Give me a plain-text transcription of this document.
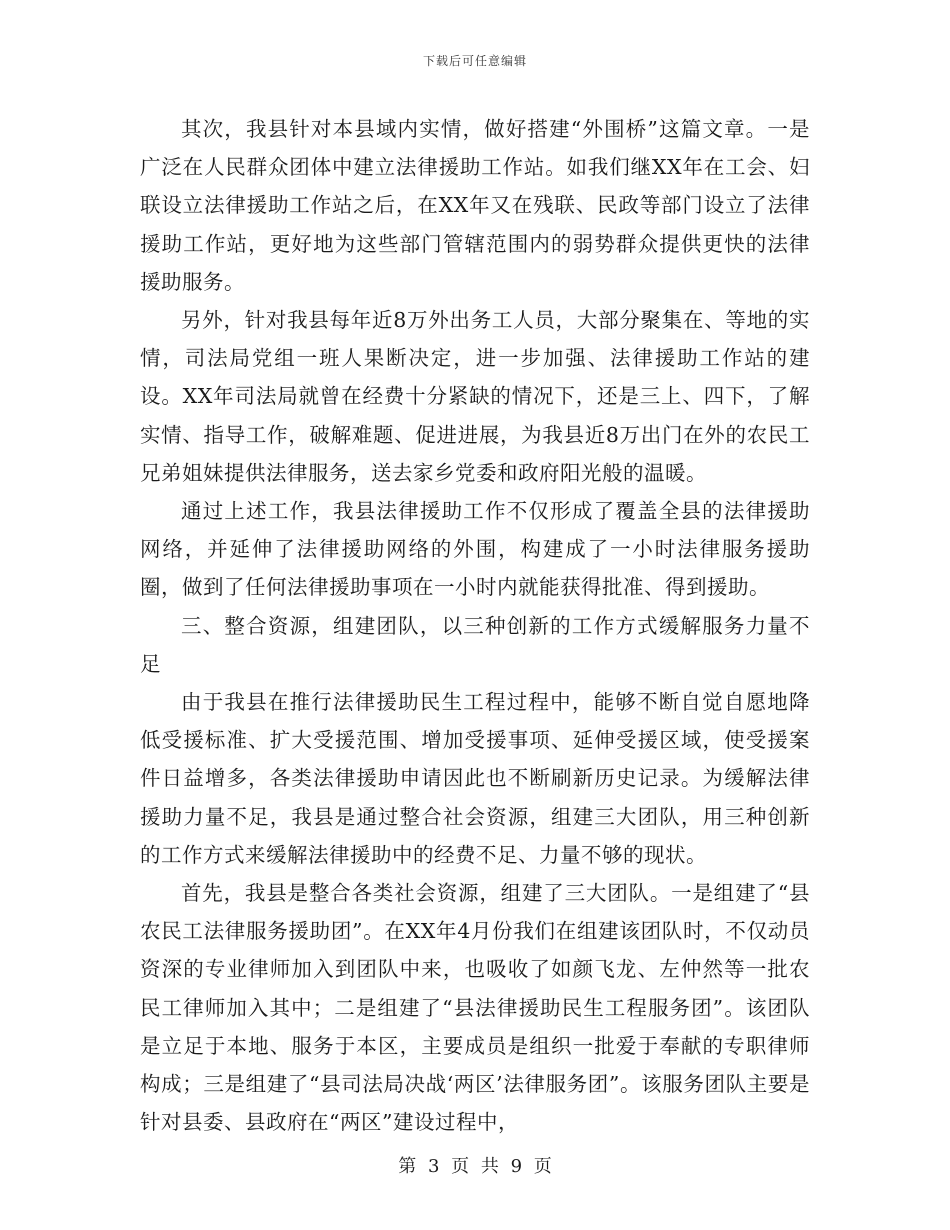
下载后可任意编辑

其次，我县针对本县域内实情，做好搭建“外围桥”这篇文章。一是广泛在人民群众团体中建立法律援助工作站。如我们继XX年在工会、妇联设立法律援助工作站之后，在XX年又在残联、民政等部门设立了法律援助工作站，更好地为这些部门管辖范围内的弱势群众提供更快的法律援助服务。

另外，针对我县每年近8万外出务工人员，大部分聚集在、等地的实情，司法局党组一班人果断决定，进一步加强、法律援助工作站的建设。XX年司法局就曾在经费十分紧缺的情况下，还是三上、四下，了解实情、指导工作，破解难题、促进进展，为我县近8万出门在外的农民工兄弟姐妹提供法律服务，送去家乡党委和政府阳光般的温暖。

通过上述工作，我县法律援助工作不仅形成了覆盖全县的法律援助网络，并延伸了法律援助网络的外围，构建成了一小时法律服务援助圈，做到了任何法律援助事项在一小时内就能获得批准、得到援助。

三、整合资源，组建团队，以三种创新的工作方式缓解服务力量不足

由于我县在推行法律援助民生工程过程中，能够不断自觉自愿地降低受援标准、扩大受援范围、增加受援事项、延伸受援区域，使受援案件日益增多，各类法律援助申请因此也不断刷新历史记录。为缓解法律援助力量不足，我县是通过整合社会资源，组建三大团队，用三种创新的工作方式来缓解法律援助中的经费不足、力量不够的现状。

首先，我县是整合各类社会资源，组建了三大团队。一是组建了“县农民工法律服务援助团”。在XX年4月份我们在组建该团队时，不仅动员资深的专业律师加入到团队中来，也吸收了如颜飞龙、左仲然等一批农民工律师加入其中；二是组建了“县法律援助民生工程服务团”。该团队是立足于本地、服务于本区，主要成员是组织一批爱于奉献的专职律师构成；三是组建了“县司法局决战‘两区’法律服务团”。该服务团队主要是针对县委、县政府在“两区”建设过程中，

第 3 页 共 9 页
